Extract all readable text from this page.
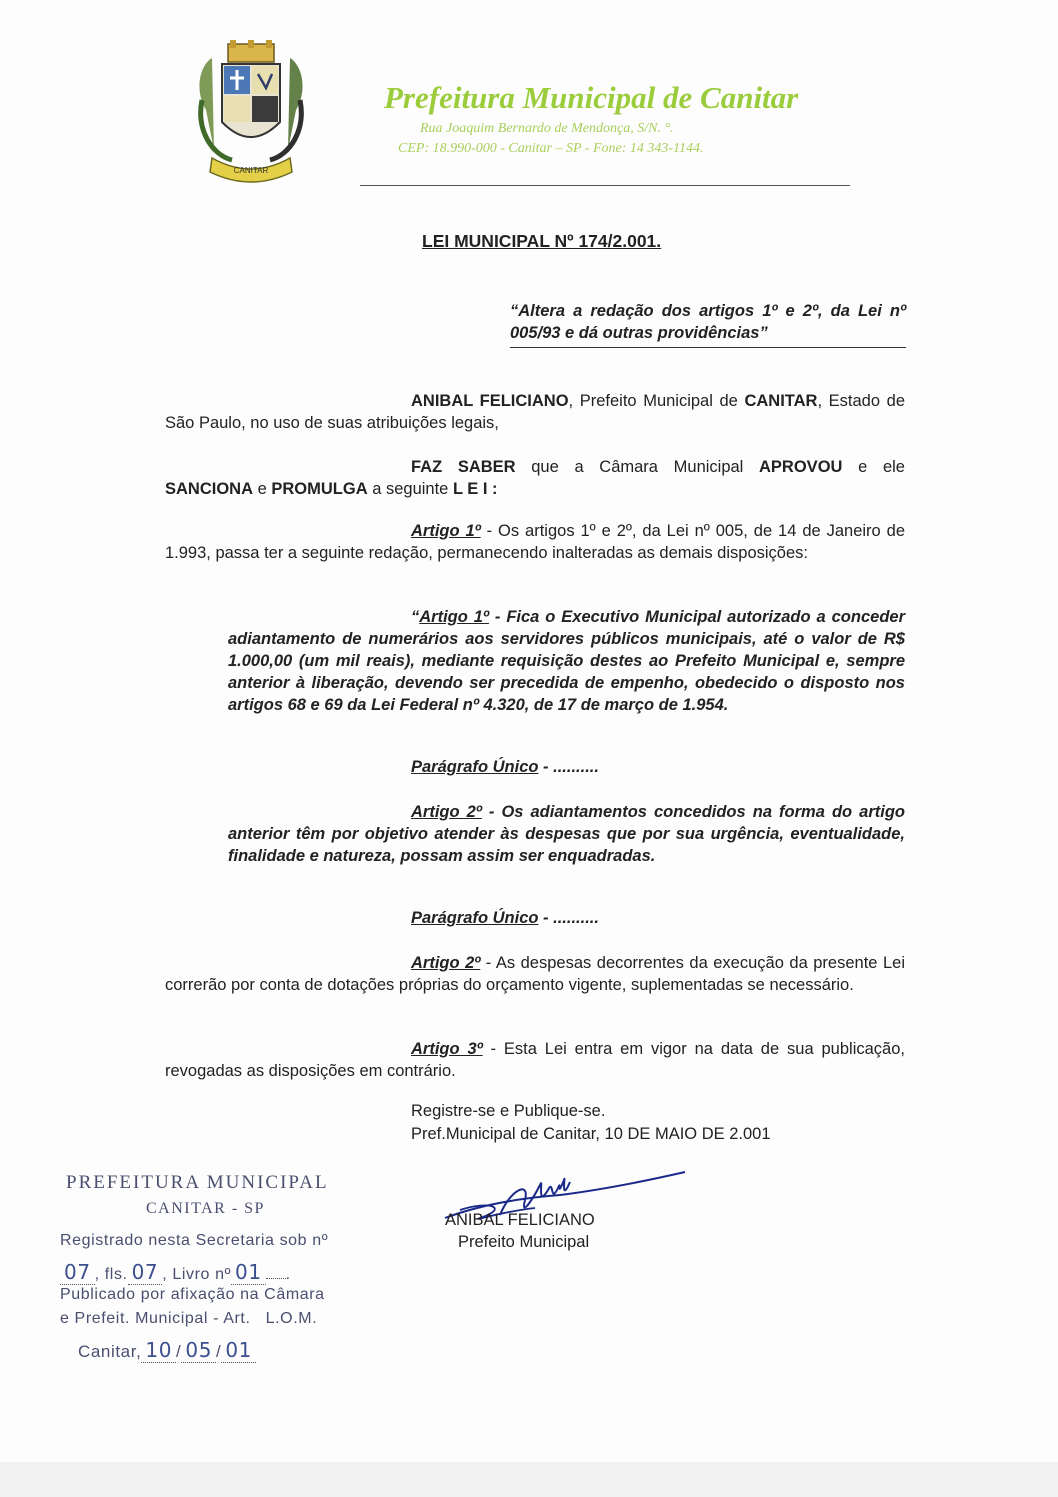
CANITAR
Prefeitura Municipal de Canitar
Rua Joaquim Bernardo de Mendonça, S/N. °.
CEP: 18.990-000 - Canitar – SP - Fone: 14 343-1144.
LEI MUNICIPAL Nº 174/2.001.
“Altera a redação dos artigos 1º e 2º, da Lei nº 005/93 e dá outras providências”
ANIBAL FELICIANO, Prefeito Municipal de CANITAR, Estado de São Paulo, no uso de suas atribuições legais,
FAZ SABER que a Câmara Municipal APROVOU e ele SANCIONA e PROMULGA a seguinte L E I :
Artigo 1º - Os artigos 1º e 2º, da Lei nº 005, de 14 de Janeiro de 1.993, passa ter a seguinte redação, permanecendo inalteradas as demais disposições:
“Artigo 1º - Fica o Executivo Municipal autorizado a conceder adiantamento de numerários aos servidores públicos municipais, até o valor de R$ 1.000,00 (um mil reais), mediante requisição destes ao Prefeito Municipal e, sempre anterior à liberação, devendo ser precedida de empenho, obedecido o disposto nos artigos 68 e 69 da Lei Federal nº 4.320, de 17 de março de 1.954.
Parágrafo Único - ..........
Artigo 2º - Os adiantamentos concedidos na forma do artigo anterior têm por objetivo atender às despesas que por sua urgência, eventualidade, finalidade e natureza, possam assim ser enquadradas.
Parágrafo Único - ..........
Artigo 2º - As despesas decorrentes da execução da presente Lei correrão por conta de dotações próprias do orçamento vigente, suplementadas se necessário.
Artigo 3º - Esta Lei entra em vigor na data de sua publicação, revogadas as disposições em contrário.
Registre-se e Publique-se.
Pref.Municipal de Canitar, 10 DE MAIO DE 2.001
ANIBAL FELICIANO
Prefeito Municipal
PREFEITURA MUNICIPAL
CANITAR - SP
Registrado nesta Secretaria sob nº
07 , fls. 07 , Livro nº 01 .
Publicado por afixação na Câmara
e Prefeit. Municipal - Art. L.O.M.
Canitar, 10 / 05 / 01
